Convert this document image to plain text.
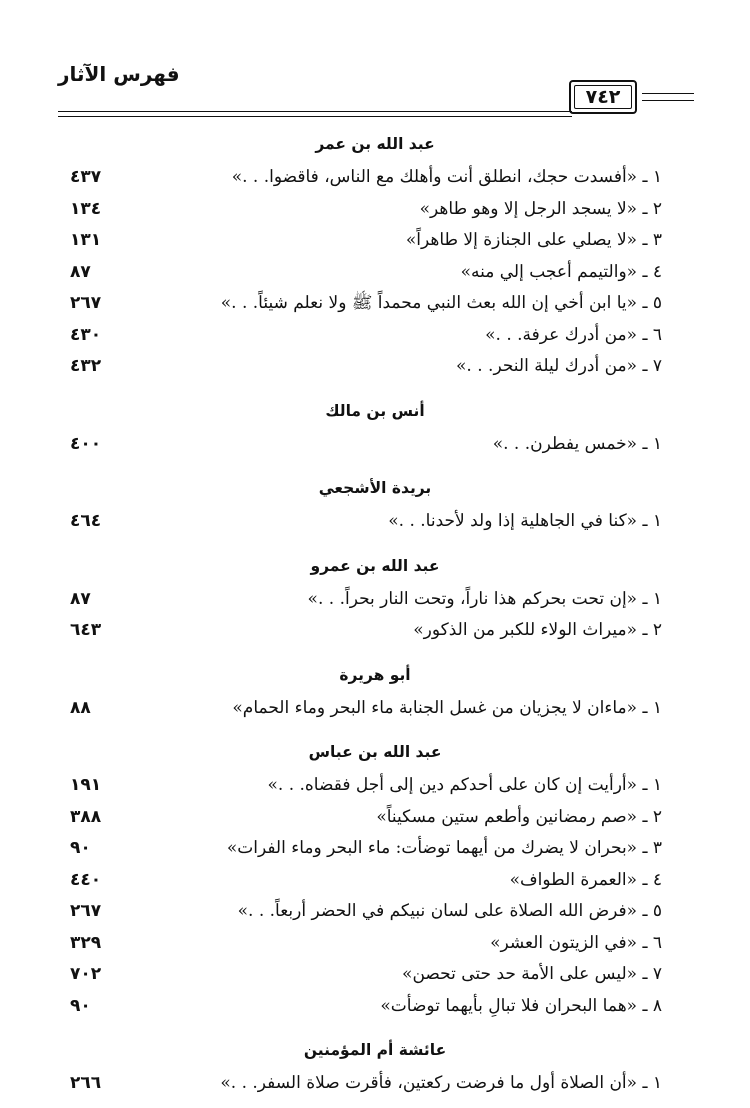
فهرس الآثار
٧٤٢
عبد الله بن عمر
١ ـ «أفسدت حجك، انطلق أنت وأهلك مع الناس، فاقضوا. . .»
٤٣٧
٢ ـ «لا يسجد الرجل إلا وهو طاهر»
١٣٤
٣ ـ «لا يصلي على الجنازة إلا طاهراً»
١٣١
٤ ـ «والتيمم أعجب إلي منه»
٨٧
٥ ـ «يا ابن أخي إن الله بعث النبي محمداً ﷺ ولا نعلم شيئاً. . .»
٢٦٧
٦ ـ «من أدرك عرفة. . .»
٤٣٠
٧ ـ «من أدرك ليلة النحر. . .»
٤٣٢
أنس بن مالك
١ ـ «خمس يفطرن. . .»
٤٠٠
بريدة الأشجعي
١ ـ «كنا في الجاهلية إذا ولد لأحدنا. . .»
٤٦٤
عبد الله بن عمرو
١ ـ «إن تحت بحركم هذا ناراً، وتحت النار بحراً. . .»
٨٧
٢ ـ «ميراث الولاء للكبر من الذكور»
٦٤٣
أبو هريرة
١ ـ «ماءان لا يجزيان من غسل الجنابة ماء البحر وماء الحمام»
٨٨
عبد الله بن عباس
١ ـ «أرأيت إن كان على أحدكم دين إلى أجل فقضاه. . .»
١٩١
٢ ـ «صم رمضانين وأطعم ستين مسكيناً»
٣٨٨
٣ ـ «بحران لا يضرك من أيهما توضأت: ماء البحر وماء الفرات»
٩٠
٤ ـ «العمرة الطواف»
٤٤٠
٥ ـ «فرض الله الصلاة على لسان نبيكم في الحضر أربعاً. . .»
٢٦٧
٦ ـ «في الزيتون العشر»
٣٢٩
٧ ـ «ليس على الأمة حد حتى تحصن»
٧٠٢
٨ ـ «هما البحران فلا تبالِ بأيهما توضأت»
٩٠
عائشة أم المؤمنين
١ ـ «أن الصلاة أول ما فرضت ركعتين، فأقرت صلاة السفر. . .»
٢٦٦
